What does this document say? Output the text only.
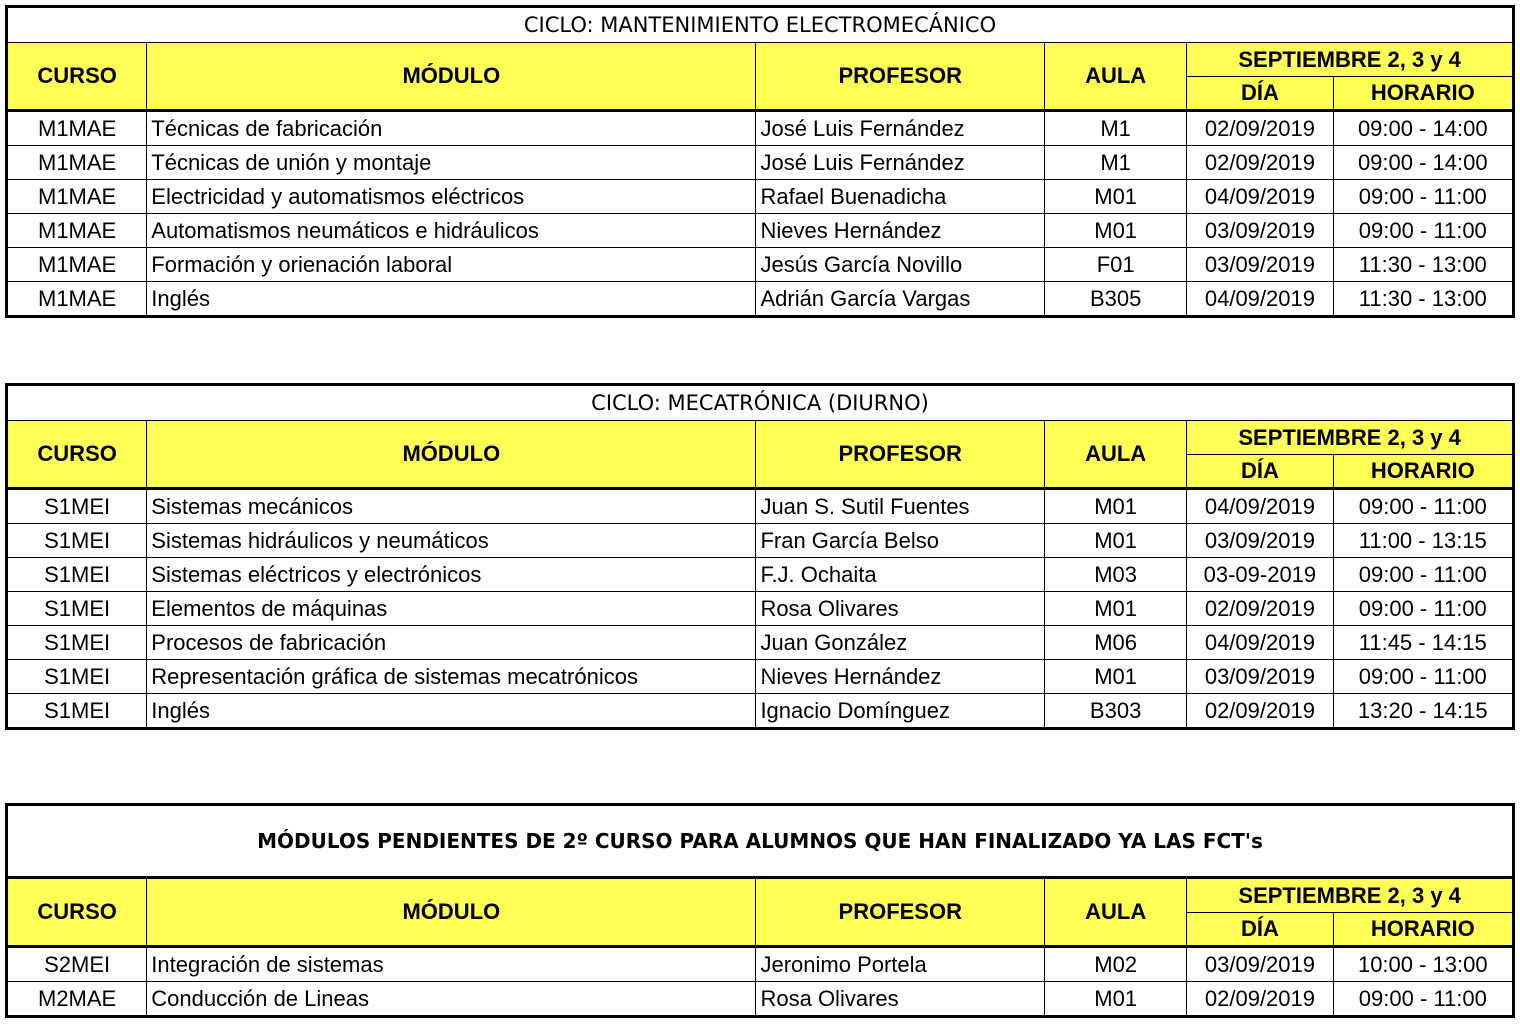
CICLO: MANTENIMIENTO ELECTROMECÁNICO					
CURSO	MÓDULO	PROFESOR	AULA	SEPTIEMBRE 2, 3 y 4	
				DÍA	HORARIO
M1MAE	Técnicas de fabricación	José Luis Fernández	M1	02/09/2019	09:00 - 14:00
M1MAE	Técnicas de unión y montaje	José Luis Fernández	M1	02/09/2019	09:00 - 14:00
M1MAE	Electricidad y automatismos eléctricos	Rafael Buenadicha	M01	04/09/2019	09:00 - 11:00
M1MAE	Automatismos neumáticos e hidráulicos	Nieves Hernández	M01	03/09/2019	09:00 - 11:00
M1MAE	Formación y orienación laboral	Jesús García Novillo	F01	03/09/2019	11:30 - 13:00
M1MAE	Inglés	Adrián García Vargas	B305	04/09/2019	11:30 - 13:00
CICLO: MECATRÓNICA (DIURNO)					
CURSO	MÓDULO	PROFESOR	AULA	SEPTIEMBRE 2, 3 y 4	
				DÍA	HORARIO
S1MEI	Sistemas mecánicos	Juan S. Sutil Fuentes	M01	04/09/2019	09:00 - 11:00
S1MEI	Sistemas hidráulicos y neumáticos	Fran García Belso	M01	03/09/2019	11:00 - 13:15
S1MEI	Sistemas eléctricos y electrónicos	F.J. Ochaita	M03	03-09-2019	09:00 - 11:00
S1MEI	Elementos de máquinas	Rosa Olivares	M01	02/09/2019	09:00 - 11:00
S1MEI	Procesos de fabricación	Juan González	M06	04/09/2019	11:45 - 14:15
S1MEI	Representación gráfica de sistemas mecatrónicos	Nieves Hernández	M01	03/09/2019	09:00 - 11:00
S1MEI	Inglés	Ignacio Domínguez	B303	02/09/2019	13:20 - 14:15
MÓDULOS PENDIENTES DE 2º CURSO PARA ALUMNOS QUE HAN FINALIZADO YA LAS FCT's					
CURSO	MÓDULO	PROFESOR	AULA	SEPTIEMBRE 2, 3 y 4	
				DÍA	HORARIO
S2MEI	Integración de sistemas	Jeronimo Portela	M02	03/09/2019	10:00 - 13:00
M2MAE	Conducción de Lineas	Rosa Olivares	M01	02/09/2019	09:00 - 11:00
